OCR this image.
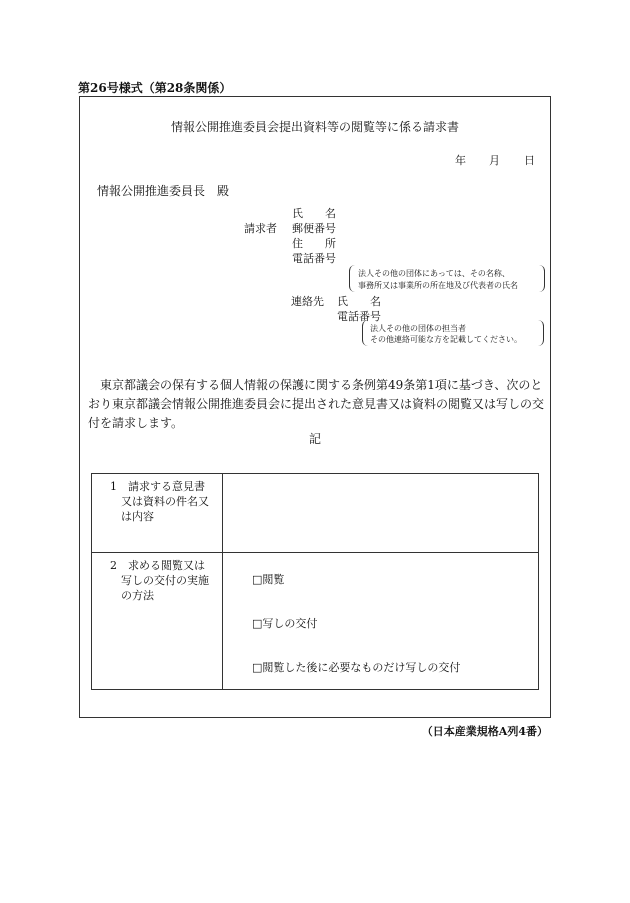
第26号様式（第28条関係）
情報公開推進委員会提出資料等の閲覧等に係る請求書
年 月 日
情報公開推進委員長　殿
氏　　名
請求者 郵便番号
住　　所
電話番号
法人その他の団体にあっては、その名称、
事務所又は事業所の所在地及び代表者の氏名
連絡先 氏　　名
電話番号
法人その他の団体の担当者
その他連絡可能な方を記載してください。
　東京都議会の保有する個人情報の保護に関する条例第49条第1項に基づき、次のとおり東京都議会情報公開推進委員会に提出された意見書又は資料の閲覧又は写しの交付を請求します。
記
1　請求する意見書
又は資料の件名又
は内容
2　求める閲覧又は
写しの交付の実施
の方法
□閲覧
□写しの交付
□閲覧した後に必要なものだけ写しの交付
（日本産業規格A列4番）
